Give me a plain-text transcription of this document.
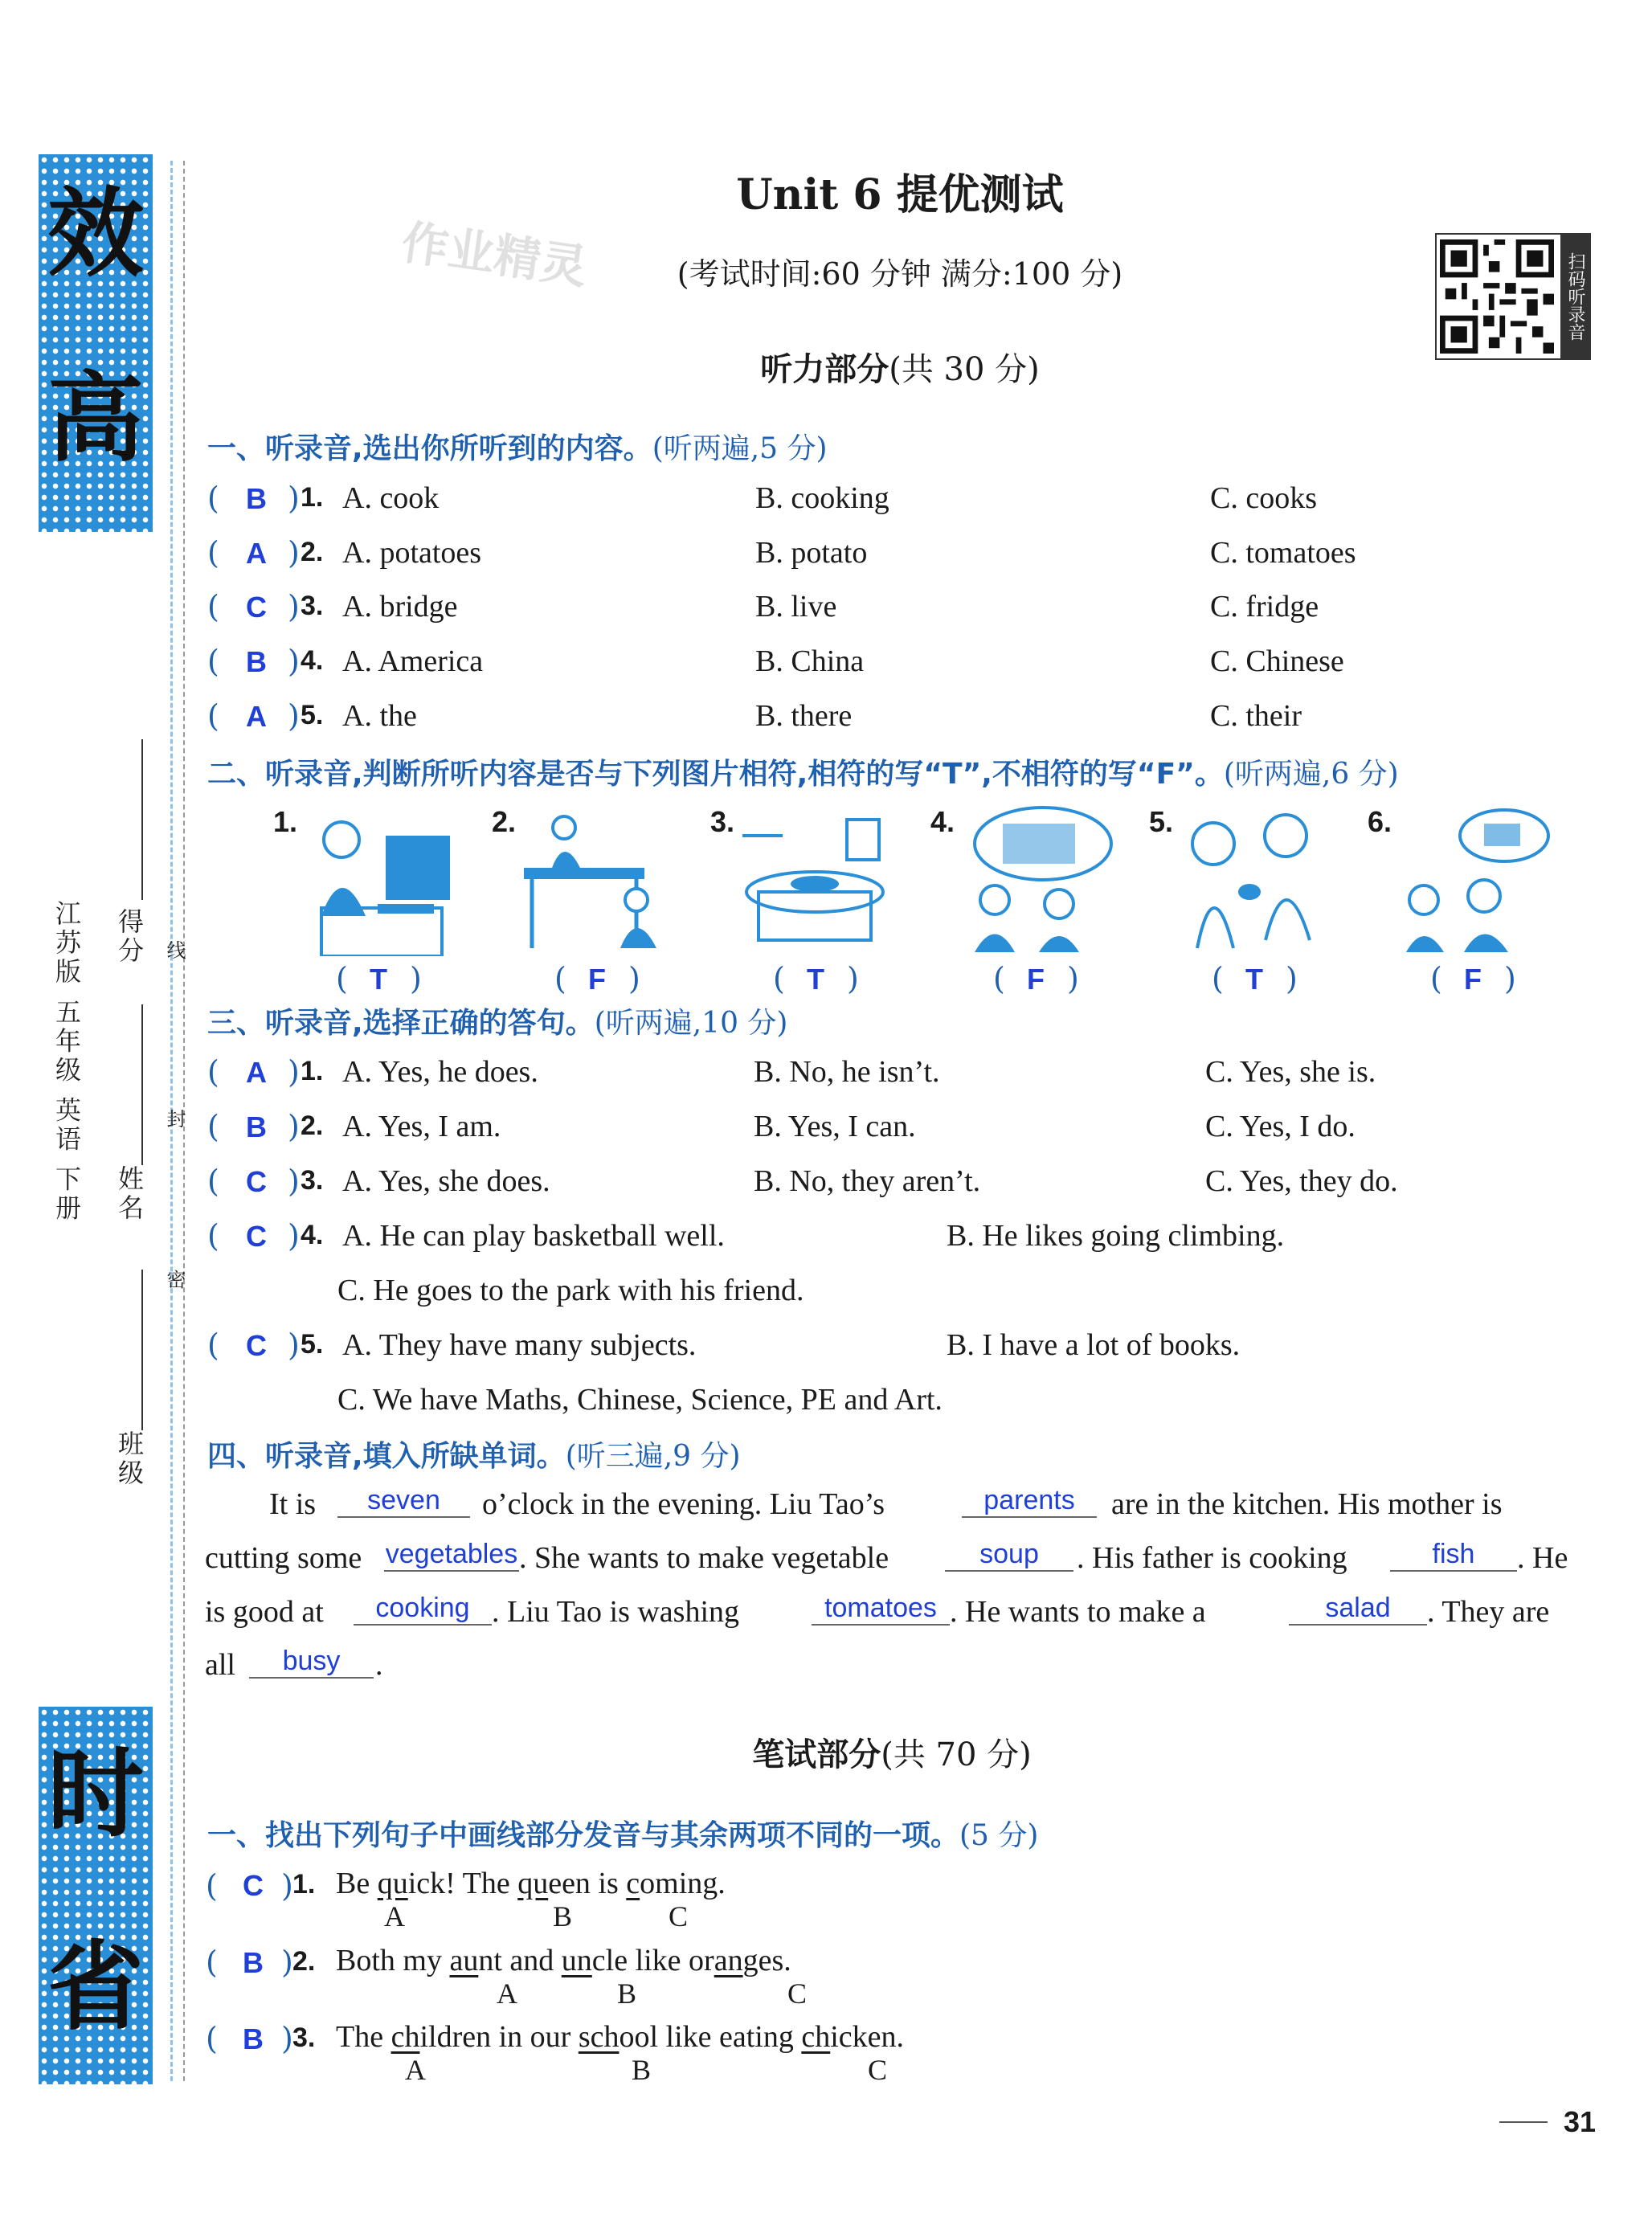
效
高
时
省
江苏版 五年级 英语 下册 得分
姓名
班级
线
封
密
Unit 6 提优测试
(考试时间:60 分钟 满分:100 分)
作业精灵	扫码听录音
听力部分(共 30 分)
一、听录音,选出你所听到的内容。(听两遍,5 分)
( B ) 1. A. cook	B. cooking	C. cooks
( A ) 2. A. potatoes	B. potato	C. tomatoes
( C ) 3. A. bridge	B. live	C. fridge
( B ) 4. A. America	B. China	C. Chinese
( A ) 5. A. the	B. there	C. their
二、听录音,判断所听内容是否与下列图片相符,相符的写“T”,不相符的写“F”。(听两遍,6 分)
1.
( T )
2.
( F )
3.
( T )
4.
( F )
5.
( T )
6.
( F )
三、听录音,选择正确的答句。(听两遍,10 分)
( A ) 1. A. Yes, he does.	B. No, he isn’t.	C. Yes, she is.
( B ) 2. A. Yes, I am.	B. Yes, I can.	C. Yes, I do.
( C ) 3. A. Yes, she does.	B. No, they aren’t.	C. Yes, they do.
( C ) 4. A. He can play basketball well.	B. He likes going climbing.
C. He goes to the park with his friend.
( C ) 5. A. They have many subjects.	B. I have a lot of books.
C. We have Maths, Chinese, Science, PE and Art.
四、听录音,填入所缺单词。(听三遍,9 分)
It is	seven	o’clock in the evening. Liu Tao’s	parents	are in the kitchen. His mother is
cutting some vegetables . She wants to make vegetable	soup	. His father is cooking	fish	. He
is good at	cooking . Liu Tao is washing	tomatoes . He wants to make a	salad	. They are
all	busy	.
笔试部分(共 70 分)
一、找出下列句子中画线部分发音与其余两项不同的一项。(5 分)
( C ) 1. Be quick! The queen is coming.
A	B	C
( B ) 2. Both my aunt and uncle like oranges.
A	B	C
( B ) 3. The children in our school like eating chicken.
A	B	C
31
